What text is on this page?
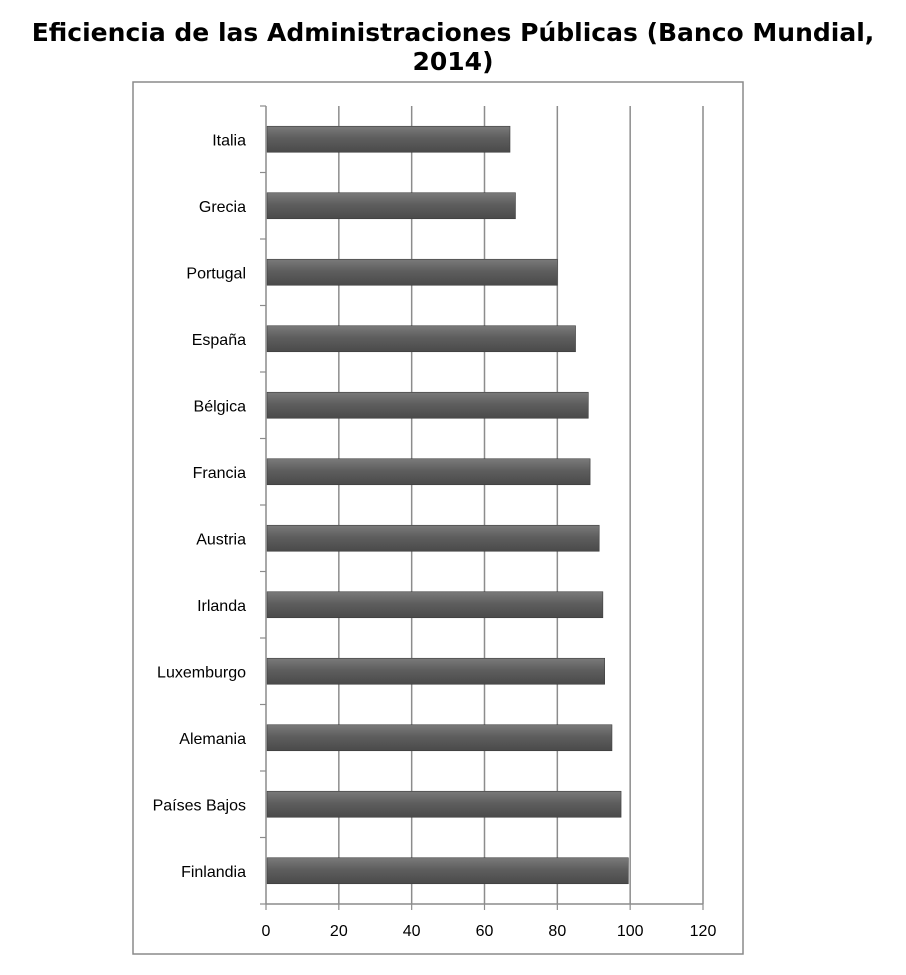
Eficiencia de las Administraciones Públicas (Banco Mundial, 2014)
Italia
Grecia
Portugal
España
Bélgica
Francia
Austria
Irlanda
Luxemburgo
Alemania
Países Bajos
Finlandia
0	20	40	60	80	100	120
